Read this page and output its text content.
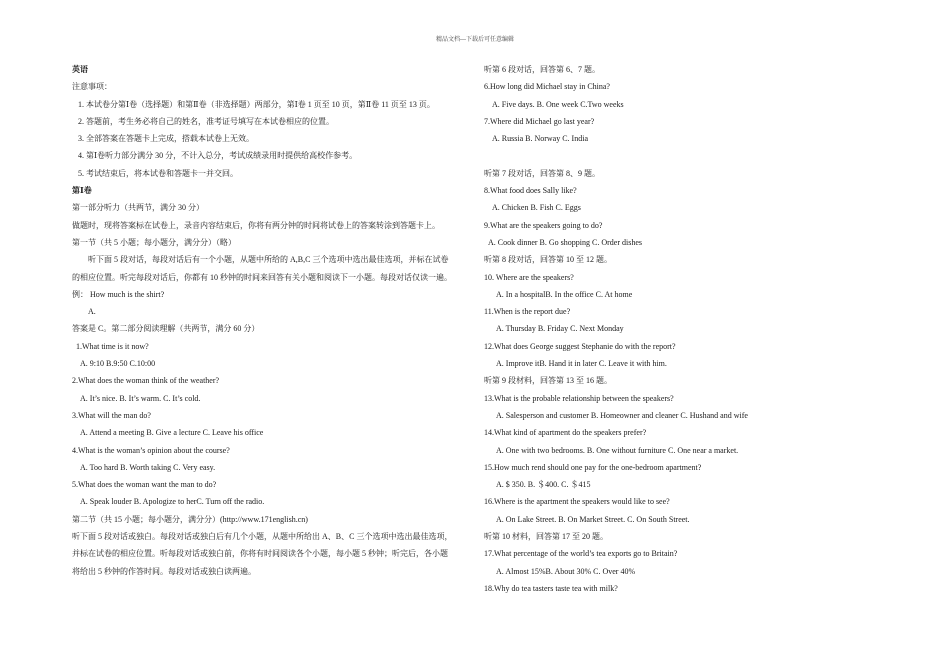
精品文档---下载后可任意编辑
英语
注意事项：
1. 本试卷分第Ⅰ卷（选择题）和第Ⅱ卷（非选择题）两部分，第Ⅰ卷 1 页至 10 页，第Ⅱ卷 11 页至 13 页。
2. 答题前，考生务必将自己的姓名，准考证号填写在本试卷相应的位置。
3. 全部答案在答题卡上完成，搭载本试卷上无效。
4. 第Ⅰ卷听力部分满分 30 分，不计入总分，考试成绩录用时提供给高校作参考。
5. 考试结束后，将本试卷和答题卡一并交回。
第Ⅰ卷
第一部分听力（共两节，满分 30 分）
做题时，现将答案标在试卷上，录音内容结束后，你将有两分钟的时间将试卷上的答案转涂到答题卡上。
第一节（共 5 小题；每小题分，满分分）（略）
听下面 5 段对话，每段对话后有一个小题，从题中所给的 A,B,C 三个选项中选出最佳选项，并标在试卷
的相应位置。听完每段对话后，你都有 10 秒钟的时间来回答有关小题和阅读下一小题。每段对话仅读一遍。
例： How much is the shirt?
A.
答案是 C。第二部分阅读理解（共两节，满分 60 分）
1.What time is it now?
A. 9:10 B.9:50 C.10:00
2.What does the woman think of the weather?
A. It’s nice. B. It’s warm. C. It’s cold.
3.What will the man do?
A. Attend a meeting B. Give a lecture C. Leave his office
4.What is the woman’s opinion about the course?
A. Too hard B. Worth taking C. Very easy.
5.What does the woman want the man to do?
A. Speak louder B. Apologize to herC. Turn off the radio.
第二节（共 15 小题；每小题分，满分分）(http://www.171english.cn)
听下面 5 段对话或独白。每段对话或独白后有几个小题，从题中所给出 A、B、C 三个选项中选出最佳选项，
并标在试卷的相应位置。听每段对话或独白前，你将有时间阅读各个小题，每小题 5 秒钟；听完后，各小题
将给出 5 秒钟的作答时间。每段对话或独白读两遍。
听第 6 段对话，回答第 6、7 题。
6.How long did Michael stay in China?
A. Five days. B. One week C.Two weeks
7.Where did Michael go last year?
A. Russia B. Norway C. India
听第 7 段对话，回答第 8、9 题。
8.What food does Sally like?
A. Chicken B. Fish C. Eggs
9.What are the speakers going to do?
A. Cook dinner B. Go shopping C. Order dishes
听第 8 段对话，回答第 10 至 12 题。
10. Where are the speakers?
A. In a hospitalB. In the office C. At home
11.When is the report due?
A. Thursday B. Friday C. Next Monday
12.What does George suggest Stephanie do with the report?
A. Improve itB. Hand it in later C. Leave it with him.
听第 9 段材料，回答第 13 至 16 题。
13.What is the probable relationship between the speakers?
A. Salesperson and customer B. Homeowner and cleaner C. Hushand and wife
14.What kind of apartment do the speakers prefer?
A. One with two bedrooms. B. One without furniture C. One near a market.
15.How much rend should one pay for the one-bedroom apartment?
A. $ 350. B. ＄400. C. ＄415
16.Where is the apartment the speakers would like to see?
A. On Lake Street. B. On Market Street. C. On South Street.
听第 10 材料，回答第 17 至 20 题。
17.What percentage of the world’s tea exports go to Britain?
A. Almost 15%B. About 30% C. Over 40%
18.Why do tea tasters taste tea with milk?
